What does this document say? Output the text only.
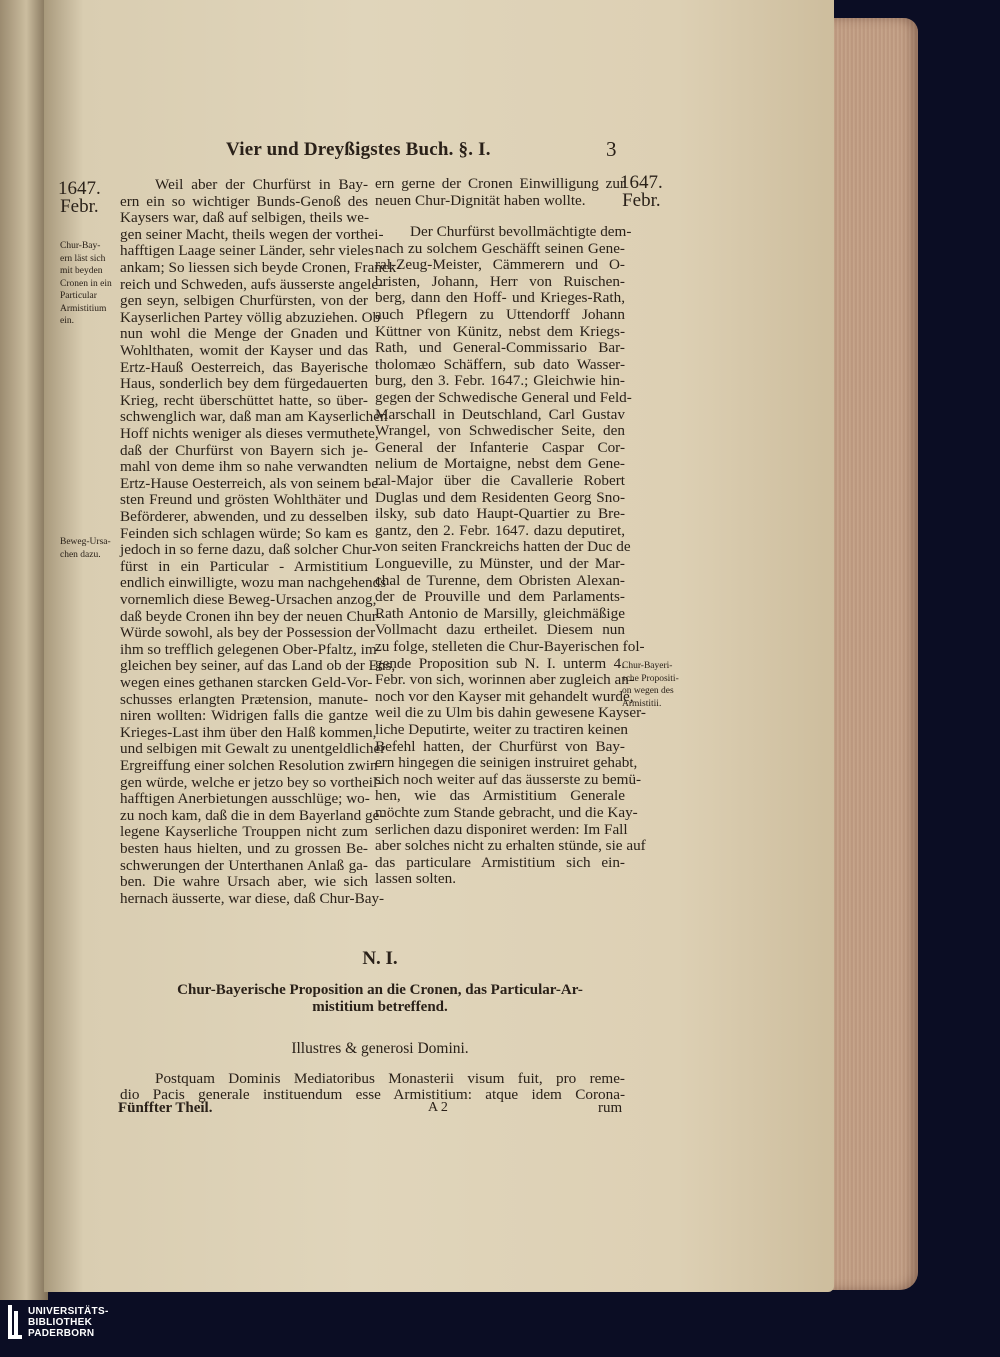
Vier und Dreyßigstes Buch. §. I.	3
1647.
Febr.
1647.
Febr.
Chur-Bay-
ern läst sich
mit beyden
Cronen in ein
Particular
Armistitium
ein.
Beweg-Ursa-
chen dazu.
Chur-Bayeri-
sche Propositi-
on wegen des
Armistitii.
Weil aber der Churfürst in Bay-
ern ein so wichtiger Bunds-Genoß des
Kaysers war, daß auf selbigen, theils we-
gen seiner Macht, theils wegen der vorthei-
hafftigen Laage seiner Länder, sehr vieles
ankam; So liessen sich beyde Cronen, Franck-
reich und Schweden, aufs äusserste angele-
gen seyn, selbigen Churfürsten, von der
Kayserlichen Partey völlig abzuziehen. Ob
nun wohl die Menge der Gnaden und
Wohlthaten, womit der Kayser und das
Ertz-Hauß Oesterreich, das Bayerische
Haus, sonderlich bey dem fürgedauerten
Krieg, recht überschüttet hatte, so über-
schwenglich war, daß man am Kayserlichen
Hoff nichts weniger als dieses vermuthete,
daß der Churfürst von Bayern sich je-
mahl von deme ihm so nahe verwandten
Ertz-Hause Oesterreich, als von seinem be-
sten Freund und grösten Wohlthäter und
Beförderer, abwenden, und zu desselben
Feinden sich schlagen würde; So kam es
jedoch in so ferne dazu, daß solcher Chur-
fürst in ein Particular - Armistitium
endlich einwilligte, wozu man nachgehends
vornemlich diese Beweg-Ursachen anzog,
daß beyde Cronen ihn bey der neuen Chur-
Würde sowohl, als bey der Possession der
ihm so trefflich gelegenen Ober-Pfaltz, im-
gleichen bey seiner, auf das Land ob der Ens,
wegen eines gethanen starcken Geld-Vor-
schusses erlangten Prætension, manute-
niren wollten: Widrigen falls die gantze
Krieges-Last ihm über den Halß kommen,
und selbigen mit Gewalt zu unentgeldlicher
Ergreiffung einer solchen Resolution zwin-
gen würde, welche er jetzo bey so vortheil-
hafftigen Anerbietungen ausschlüge; wo-
zu noch kam, daß die in dem Bayerland ge-
legene Kayserliche Trouppen nicht zum
besten haus hielten, und zu grossen Be-
schwerungen der Unterthanen Anlaß ga-
ben. Die wahre Ursach aber, wie sich
hernach äusserte, war diese, daß Chur-Bay-
ern gerne der Cronen Einwilligung zur
neuen Chur-Dignität haben wollte.
Der Churfürst bevollmächtigte dem-
nach zu solchem Geschäfft seinen Gene-
ral-Zeug-Meister, Cämmerern und O-
bristen, Johann, Herr von Ruischen-
berg, dann den Hoff- und Krieges-Rath,
auch Pflegern zu Uttendorff Johann
Küttner von Künitz, nebst dem Kriegs-
Rath, und General-Commissario Bar-
tholomæo Schäffern, sub dato Wasser-
burg, den 3. Febr. 1647.; Gleichwie hin-
gegen der Schwedische General und Feld-
Marschall in Deutschland, Carl Gustav
Wrangel, von Schwedischer Seite, den
General der Infanterie Caspar Cor-
nelium de Mortaigne, nebst dem Gene-
ral-Major über die Cavallerie Robert
Duglas und dem Residenten Georg Sno-
ilsky, sub dato Haupt-Quartier zu Bre-
gantz, den 2. Febr. 1647. dazu deputiret,
von seiten Franckreichs hatten der Duc de
Longueville, zu Münster, und der Mar-
chal de Turenne, dem Obristen Alexan-
der de Prouville und dem Parlaments-
Rath Antonio de Marsilly, gleichmäßige
Vollmacht dazu ertheilet. Diesem nun
zu folge, stelleten die Chur-Bayerischen fol-
gende Proposition sub N. I. unterm 4.
Febr. von sich, worinnen aber zugleich an-
noch vor den Kayser mit gehandelt wurde,
weil die zu Ulm bis dahin gewesene Kayser-
liche Deputirte, weiter zu tractiren keinen
Befehl hatten, der Churfürst von Bay-
ern hingegen die seinigen instruiret gehabt,
sich noch weiter auf das äusserste zu bemü-
hen, wie das Armistitium Generale
möchte zum Stande gebracht, und die Kay-
serlichen dazu disponiret werden: Im Fall
aber solches nicht zu erhalten stünde, sie auf
das particulare Armistitium sich ein-
lassen solten.
N. I.
Chur-Bayerische Proposition an die Cronen, das Particular-Ar-
mistitium betreffend.
Illustres & generosi Domini.
Postquam Dominis Mediatoribus Monasterii visum fuit, pro reme-
dio Pacis generale instituendum esse Armistitium: atque idem Corona-
Fünffter Theil.	A 2	rum
UNIVERSITÄTS-
BIBLIOTHEK
PADERBORN
